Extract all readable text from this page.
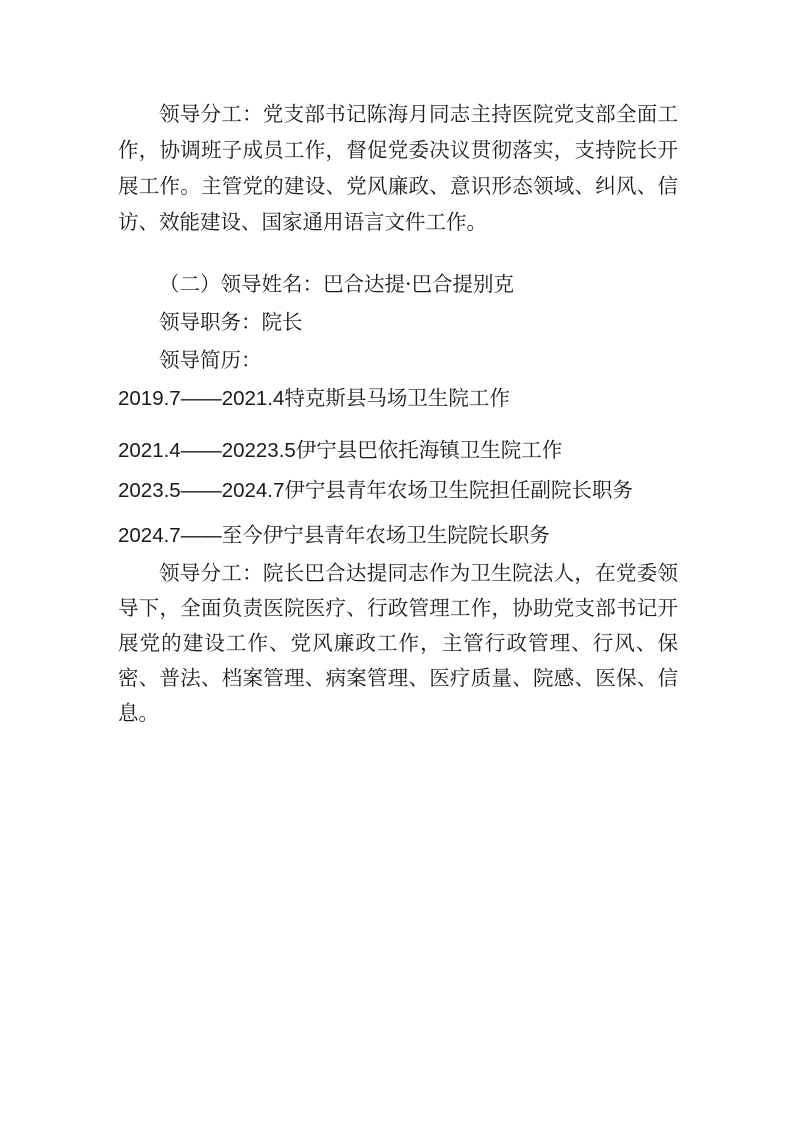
领导分工：党支部书记陈海月同志主持医院党支部全面工作，协调班子成员工作，督促党委决议贯彻落实，支持院长开展工作。主管党的建设、党风廉政、意识形态领域、纠风、信访、效能建设、国家通用语言文件工作。

（二）领导姓名：巴合达提·巴合提别克

领导职务：院长

领导简历：

2019.7——2021.4特克斯县马场卫生院工作

2021.4——20223.5伊宁县巴依托海镇卫生院工作

2023.5——2024.7伊宁县青年农场卫生院担任副院长职务

2024.7——至今伊宁县青年农场卫生院院长职务

领导分工：院长巴合达提同志作为卫生院法人，在党委领导下，全面负责医院医疗、行政管理工作，协助党支部书记开展党的建设工作、党风廉政工作，主管行政管理、行风、保密、普法、档案管理、病案管理、医疗质量、院感、医保、信息。
